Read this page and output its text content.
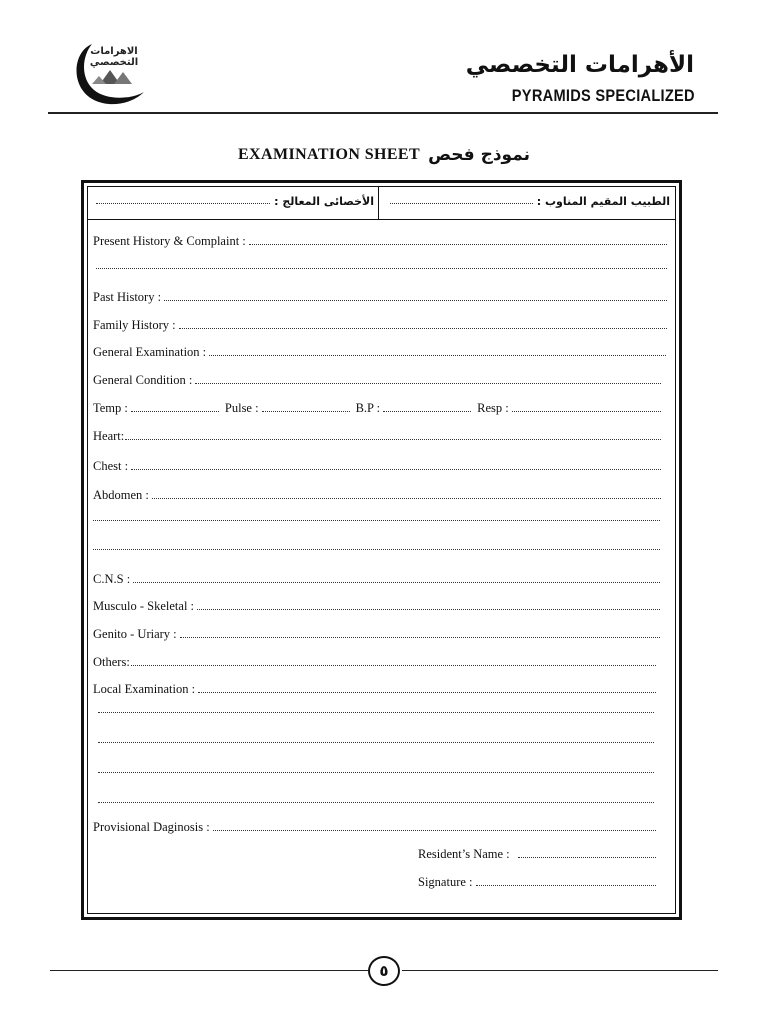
الاهرامات التخصصي	الأهرامات التخصصي
PYRAMIDS SPECIALIZED
EXAMINATION SHEET نموذج فحص
الطبيب المقيم المناوب :
الأخصائى المعالج :
Present History & Complaint :
Past History :
Family History :
General Examination :
General Condition :
Temp :	Pulse :	B.P :	Resp :
Heart:
Chest :
Abdomen :
C.N.S :
Musculo - Skeletal :
Genito - Uriary :
Others:
Local Examination :
Provisional Daginosis :
Resident’s Name :
Signature :
٥
